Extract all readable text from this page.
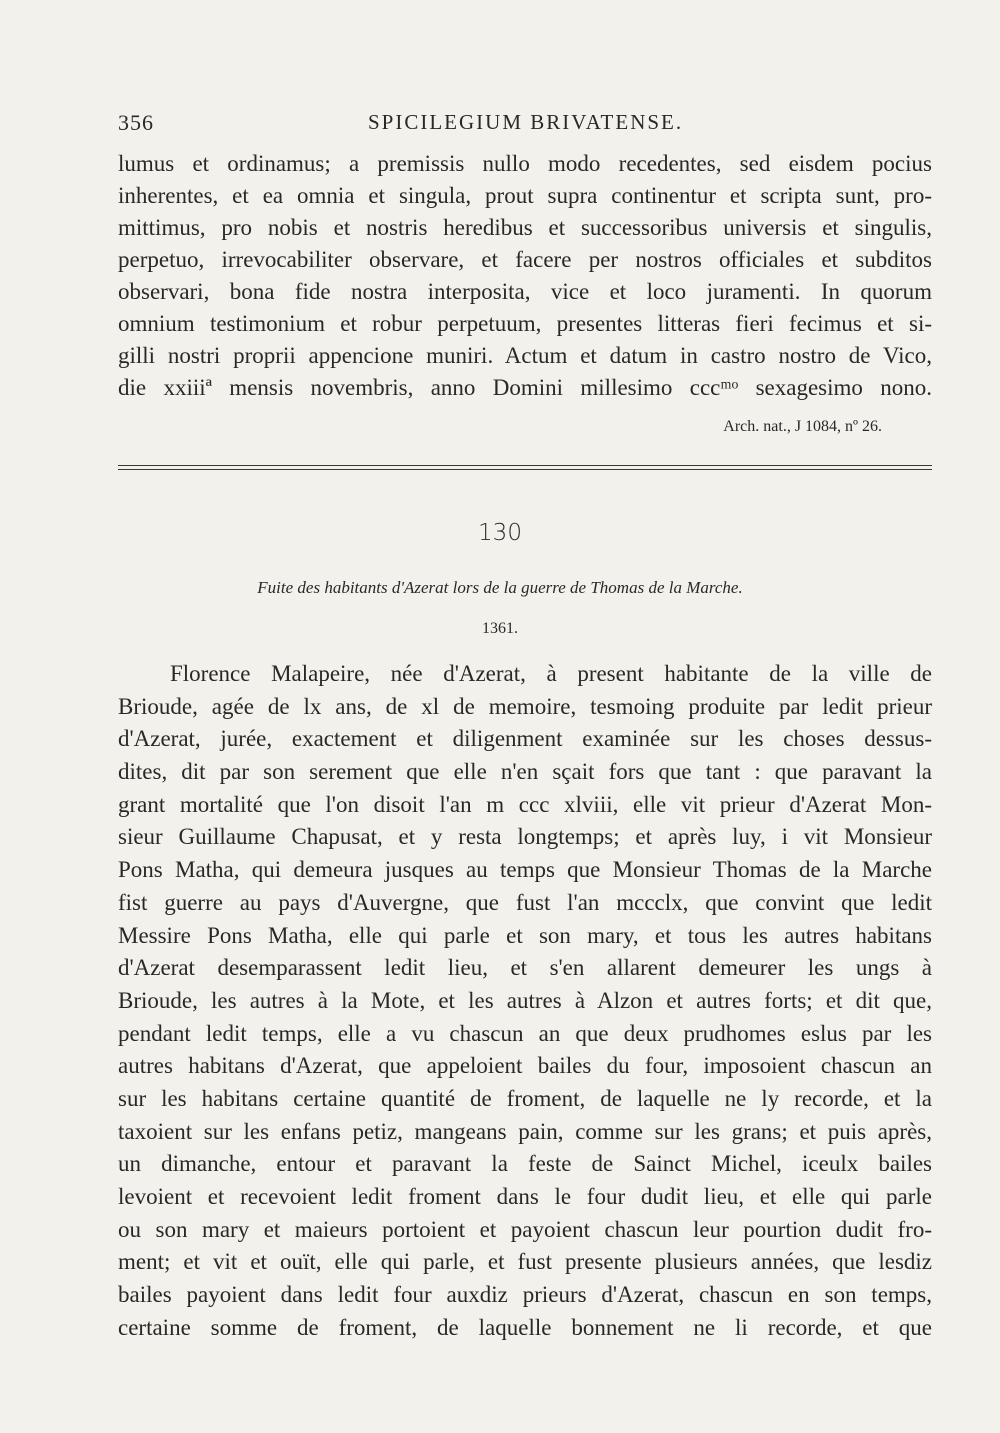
356	SPICILEGIUM BRIVATENSE.
lumus et ordinamus; a premissis nullo modo recedentes, sed eisdem pocius
inherentes, et ea omnia et singula, prout supra continentur et scripta sunt, pro-
mittimus, pro nobis et nostris heredibus et successoribus universis et singulis,
perpetuo, irrevocabiliter observare, et facere per nostros officiales et subditos
observari, bona fide nostra interposita, vice et loco juramenti. In quorum
omnium testimonium et robur perpetuum, presentes litteras fieri fecimus et si-
gilli nostri proprii appencione muniri. Actum et datum in castro nostro de Vico,
die xxiiiª mensis novembris, anno Domini millesimo cccᵐᵒ sexagesimo nono.
Arch. nat., J 1084, nº 26.
130
Fuite des habitants d'Azerat lors de la guerre de Thomas de la Marche.
1361.
Florence Malapeire, née d'Azerat, à present habitante de la ville de
Brioude, agée de lx ans, de xl de memoire, tesmoing produite par ledit prieur
d'Azerat, jurée, exactement et diligenment examinée sur les choses dessus-
dites, dit par son serement que elle n'en sçait fors que tant : que paravant la
grant mortalité que l'on disoit l'an m ccc xlviii, elle vit prieur d'Azerat Mon-
sieur Guillaume Chapusat, et y resta longtemps; et après luy, i vit Monsieur
Pons Matha, qui demeura jusques au temps que Monsieur Thomas de la Marche
fist guerre au pays d'Auvergne, que fust l'an mccclx, que convint que ledit
Messire Pons Matha, elle qui parle et son mary, et tous les autres habitans
d'Azerat desemparassent ledit lieu, et s'en allarent demeurer les ungs à
Brioude, les autres à la Mote, et les autres à Alzon et autres forts; et dit que,
pendant ledit temps, elle a vu chascun an que deux prudhomes eslus par les
autres habitans d'Azerat, que appeloient bailes du four, imposoient chascun an
sur les habitans certaine quantité de froment, de laquelle ne ly recorde, et la
taxoient sur les enfans petiz, mangeans pain, comme sur les grans; et puis après,
un dimanche, entour et paravant la feste de Sainct Michel, iceulx bailes
levoient et recevoient ledit froment dans le four dudit lieu, et elle qui parle
ou son mary et maieurs portoient et payoient chascun leur pourtion dudit fro-
ment; et vit et ouït, elle qui parle, et fust presente plusieurs années, que lesdiz
bailes payoient dans ledit four auxdiz prieurs d'Azerat, chascun en son temps,
certaine somme de froment, de laquelle bonnement ne li recorde, et que
